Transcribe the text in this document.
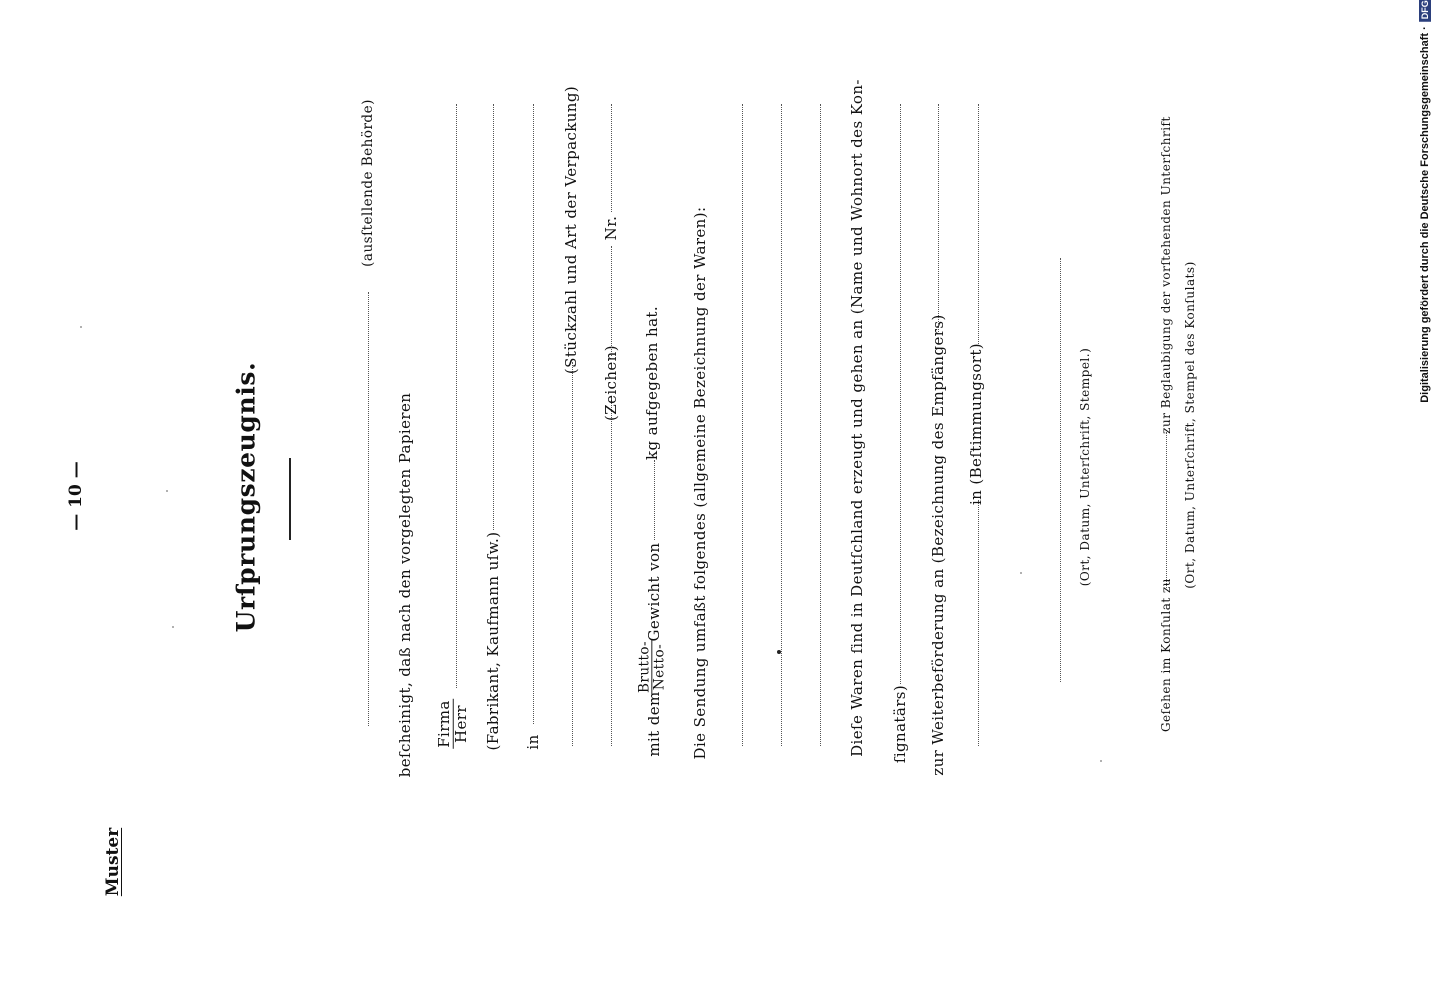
Muster
— 10 —	Urſprungszeugnis.
(ausſtellende Behörde)
beſcheinigt, daß nach den vorgelegten Papieren Firma
Herr (Fabrikant, Kaufmann uſw.) in
(Stückzahl und Art der Verpackung)
(Zeichen)
Nr.
mit dem
Brutto- Netto-
Gewicht von
kg aufgegeben hat. Die Sendung umfaßt folgendes (allgemeine Bezeichnung der Waren):	Dieſe Waren ſind in Deutſchland erzeugt und gehen an (Name und Wohnort des Kon- ſignatärs) zur Weiterbeförderung an (Bezeichnung des Empfängers) in (Beſtimmungsort)	(Ort, Datum, Unterſchrift, Stempel.)
Geſehen im Konſulat zu
zur Beglaubigung der vorſtehenden Unterſchrift (Ort, Datum, Unterſchrift, Stempel des Konſulats)
Digitalisierung gefördert durch die Deutsche Forschungsgemeinschaft ·DFG
